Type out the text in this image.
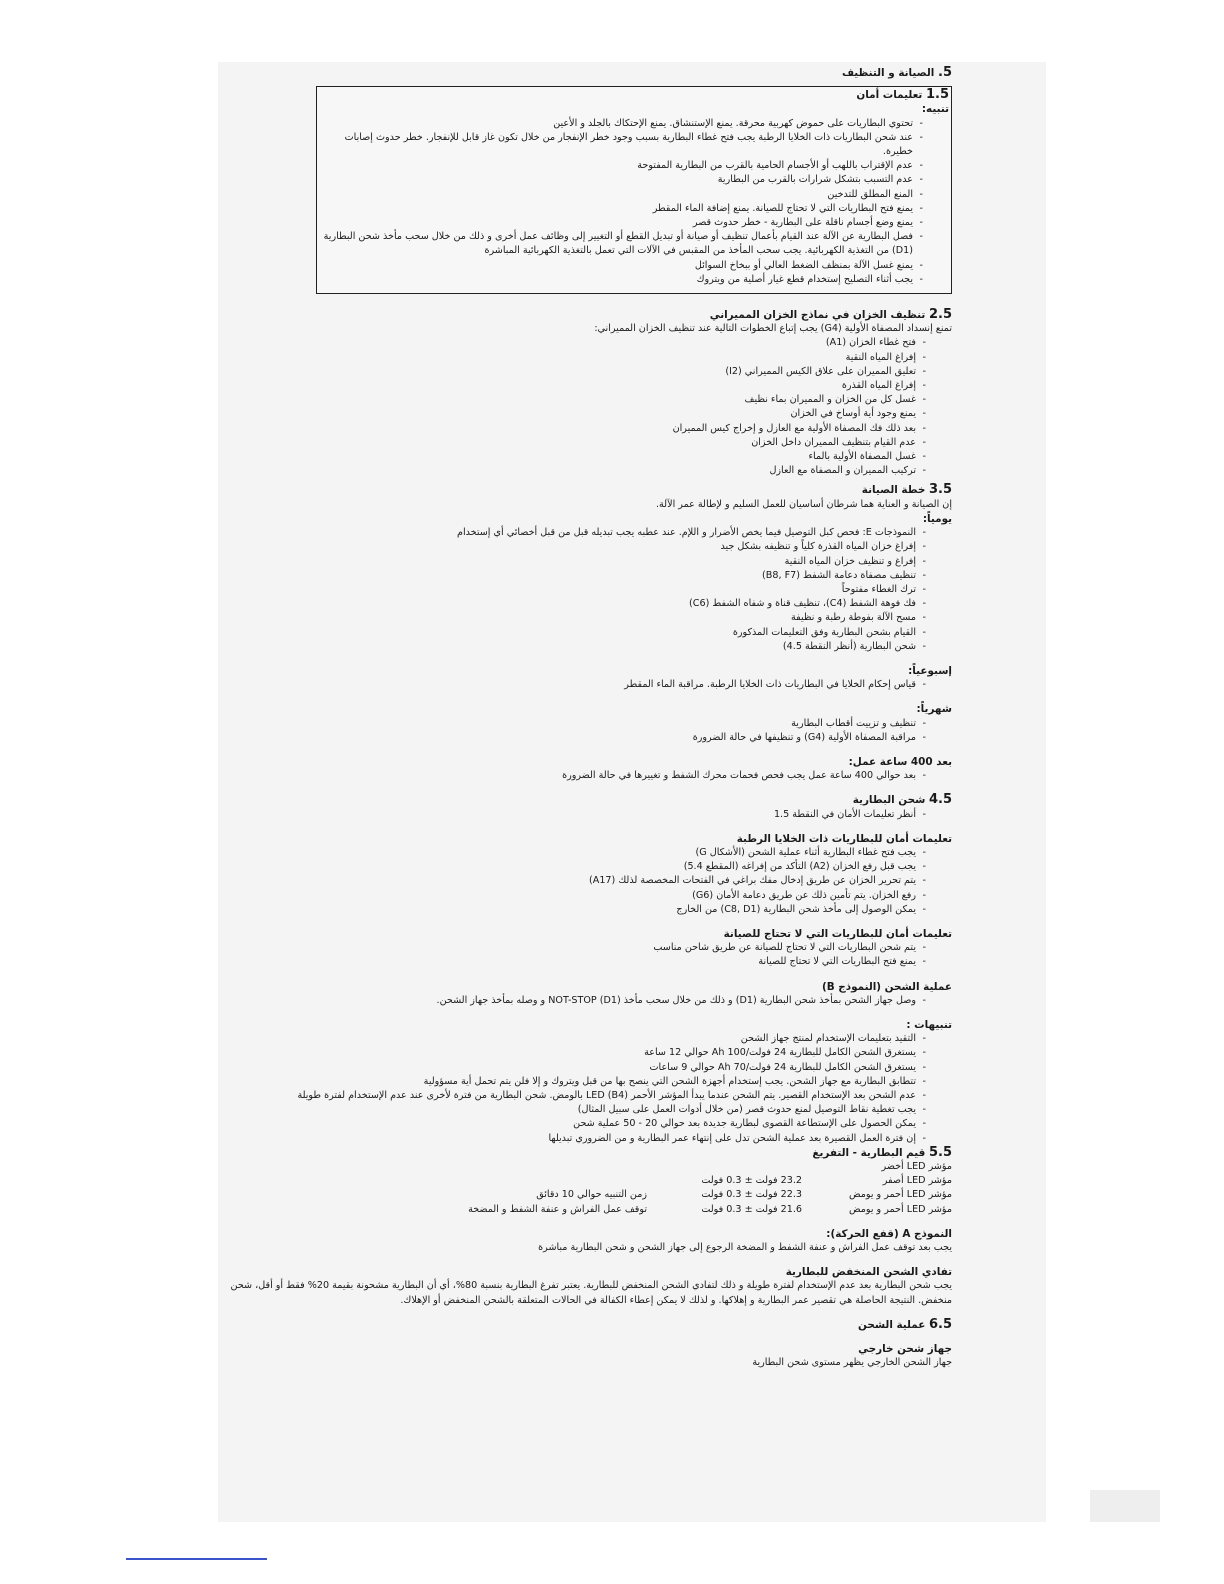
5. الصيانة و التنظيف
1.5 تعليمات أمان
تنبيه:
- تحتوي البطاريات على حموض كهربية محرقة. يمنع الإستنشاق. يمنع الإحتكاك بالجلد و الأعين
- عند شحن البطاريات ذات الخلايا الرطبة يجب فتح غطاء البطارية بسبب وجود خطر الإنفجار من خلال تكون غاز قابل للإنفجار. خطر حدوث إصابات خطيرة.
- عدم الإقتراب باللهب أو الأجسام الحامية بالقرب من البطارية المفتوحة
- عدم التسبب بتشكل شرارات بالقرب من البطارية
- المنع المطلق للتدخين
- يمنع فتح البطاريات التي لا تحتاج للصيانة. يمنع إضافة الماء المقطر
- يمنع وضع أجسام ناقلة على البطارية - خطر حدوث قصر
- فصل البطارية عن الآلة عند القيام بأعمال تنظيف أو صيانة أو تبديل القطع أو التغيير إلى وظائف عمل أخرى و ذلك من خلال سحب مأخذ شحن البطارية (D1) من التغذية الكهربائية. يجب سحب المأخذ من المقبس في الآلات التي تعمل بالتغذية الكهربائية المباشرة
- يمنع غسل الآلة بمنظف الضغط العالي أو ببخاخ السوائل
- يجب أثناء التصليح إستخدام قطع غيار أصلية من ويتروك
2.5 تنظيف الخزان في نماذج الخزان المميراني
تمنع إنسداد المصفاة الأولية (G4) يجب إتباع الخطوات التالية عند تنظيف الخزان المميراني:
- فتح غطاء الخزان (A1)
- إفراغ المياه النقية
- تعليق المميران على علاق الكيس المميراني (I2)
- إفراغ المياه القذرة
- غسل كل من الخزان و المميران بماء نظيف
- يمنع وجود أية أوساخ في الخزان
- بعد ذلك فك المصفاة الأولية مع العازل و إخراج كيس المميران
- عدم القيام بتنظيف المميران داخل الخزان
- غسل المصفاة الأولية بالماء
- تركيب المميران و المصفاة مع العازل
3.5 خطة الصيانة
إن الصيانة و العناية هما شرطان أساسيان للعمل السليم و لإطالة عمر الآلة.
يومياً:
- النموذجات E: فحص كبل التوصيل فيما يخص الأضرار و اللإم. عند عطبه يجب تبديله قبل من قبل أخصائي أي إستخدام
- إفراغ خزان المياه القذرة كلياً و تنظيفه بشكل جيد
- إفراغ و تنظيف خزان المياه النقية
- تنظيف مصفاة دعامة الشفط (B8, F7)
- ترك الغطاء مفتوحاً
- فك فوهة الشفط (C4)، تنظيف قناة و شفاه الشفط (C6)
- مسح الآلة بفوطة رطبة و نظيفة
- القيام بشحن البطارية وفق التعليمات المذكورة
- شحن البطارية (أنظر النقطة 4.5)
إسبوعياً:
- قياس إحكام الخلايا في البطاريات ذات الخلايا الرطبة. مراقبة الماء المقطر
شهرياً:
- تنظيف و تزييت أقطاب البطارية
- مراقبة المصفاة الأولية (G4) و تنظيفها في حالة الضرورة
بعد 400 ساعة عمل:
- بعد حوالي 400 ساعة عمل يجب فحص فحمات محرك الشفط و تغييرها في حالة الضرورة
4.5 شحن البطارية
- أنظر تعليمات الأمان في النقطة 1.5
تعليمات أمان للبطاريات ذات الخلايا الرطبة
- يجب فتح غطاء البطارية أثناء عملية الشحن (الأشكال G)
- يجب قبل رفع الخزان (A2) التأكد من إفراغه (المقطع 5.4)
- يتم تحرير الخزان عن طريق إدخال مفك براغي في الفتحات المخصصة لذلك (A17)
- رفع الخزان. يتم تأمين ذلك عن طريق دعامة الأمان (G6)
- يمكن الوصول إلى مأخذ شحن البطارية (C8, D1) من الخارج
تعليمات أمان للبطاريات التي لا تحتاج للصيانة
- يتم شحن البطاريات التي لا تحتاج للصيانة عن طريق شاحن مناسب
- يمنع فتح البطاريات التي لا تحتاج للصيانة
عملية الشحن (النموذج B)
- وصل جهاز الشحن بمأخذ شحن البطارية (D1) و ذلك من خلال سحب مأخذ NOT-STOP (D1) و وصله بمأخذ جهاز الشحن.
تنبيهات :
- التقيد بتعليمات الإستخدام لمنتج جهاز الشحن
- يستغرق الشحن الكامل للبطارية 24 فولت/100 Ah حوالي 12 ساعة
- يستغرق الشحن الكامل للبطارية 24 فولت/70 Ah حوالي 9 ساعات
- تتطابق البطارية مع جهاز الشحن. يجب إستخدام أجهزة الشحن التي ينصح بها من قبل ويتروك و إلا فلن يتم تحمل أية مسؤولية
- عدم الشحن بعد الإستخدام القصير. يتم الشحن عندما يبدأ المؤشر الأحمر LED (B4) بالومض. شحن البطارية من فترة لأخرى عند عدم الإستخدام لفترة طويلة
- يجب تغطية نقاط التوصيل لمنع حدوث قصر (من خلال أدوات العمل على سبيل المثال)
- يمكن الحصول على الإستطاعة القصوى لبطارية جديدة بعد حوالي 20 - 50 عملية شحن
- إن فترة العمل القصيرة بعد عملية الشحن تدل على إنتهاء عمر البطارية و من الضروري تبديلها
5.5 قيم البطارية - التفريغ
مؤشر LED أخضر
مؤشر LED أصفر
23.2 فولت ± 0.3 فولت
مؤشر LED أحمر و يومض
22.3 فولت ± 0.3 فولت
زمن التنبيه حوالي 10 دقائق
مؤشر LED أحمر و يومض
21.6 فولت ± 0.3 فولت
توقف عمل الفراش و عنفة الشفط و المضخة
النموذج A (قفع الحركة):
يجب بعد توقف عمل الفراش و عنفة الشفط و المضخة الرجوع إلى جهاز الشحن و شحن البطارية مباشرة
تفادي الشحن المنخفض للبطارية
يجب شحن البطارية بعد عدم الإستخدام لفترة طويلة و ذلك لتفادي الشحن المنخفض للبطارية. يعتبر تفرغ البطارية بنسبة 80%، أي أن البطارية مشحونة بقيمة 20% فقط أو أقل، شحن منخفض. النتيجة الحاصلة هي تقصير عمر البطارية و إهلاكها. و لذلك لا يمكن إعطاء الكفالة في الحالات المتعلقة بالشحن المنخفض أو الإهلاك.
6.5 عملية الشحن
جهاز شحن خارجي
جهاز الشحن الخارجي يظهر مستوى شحن البطارية
